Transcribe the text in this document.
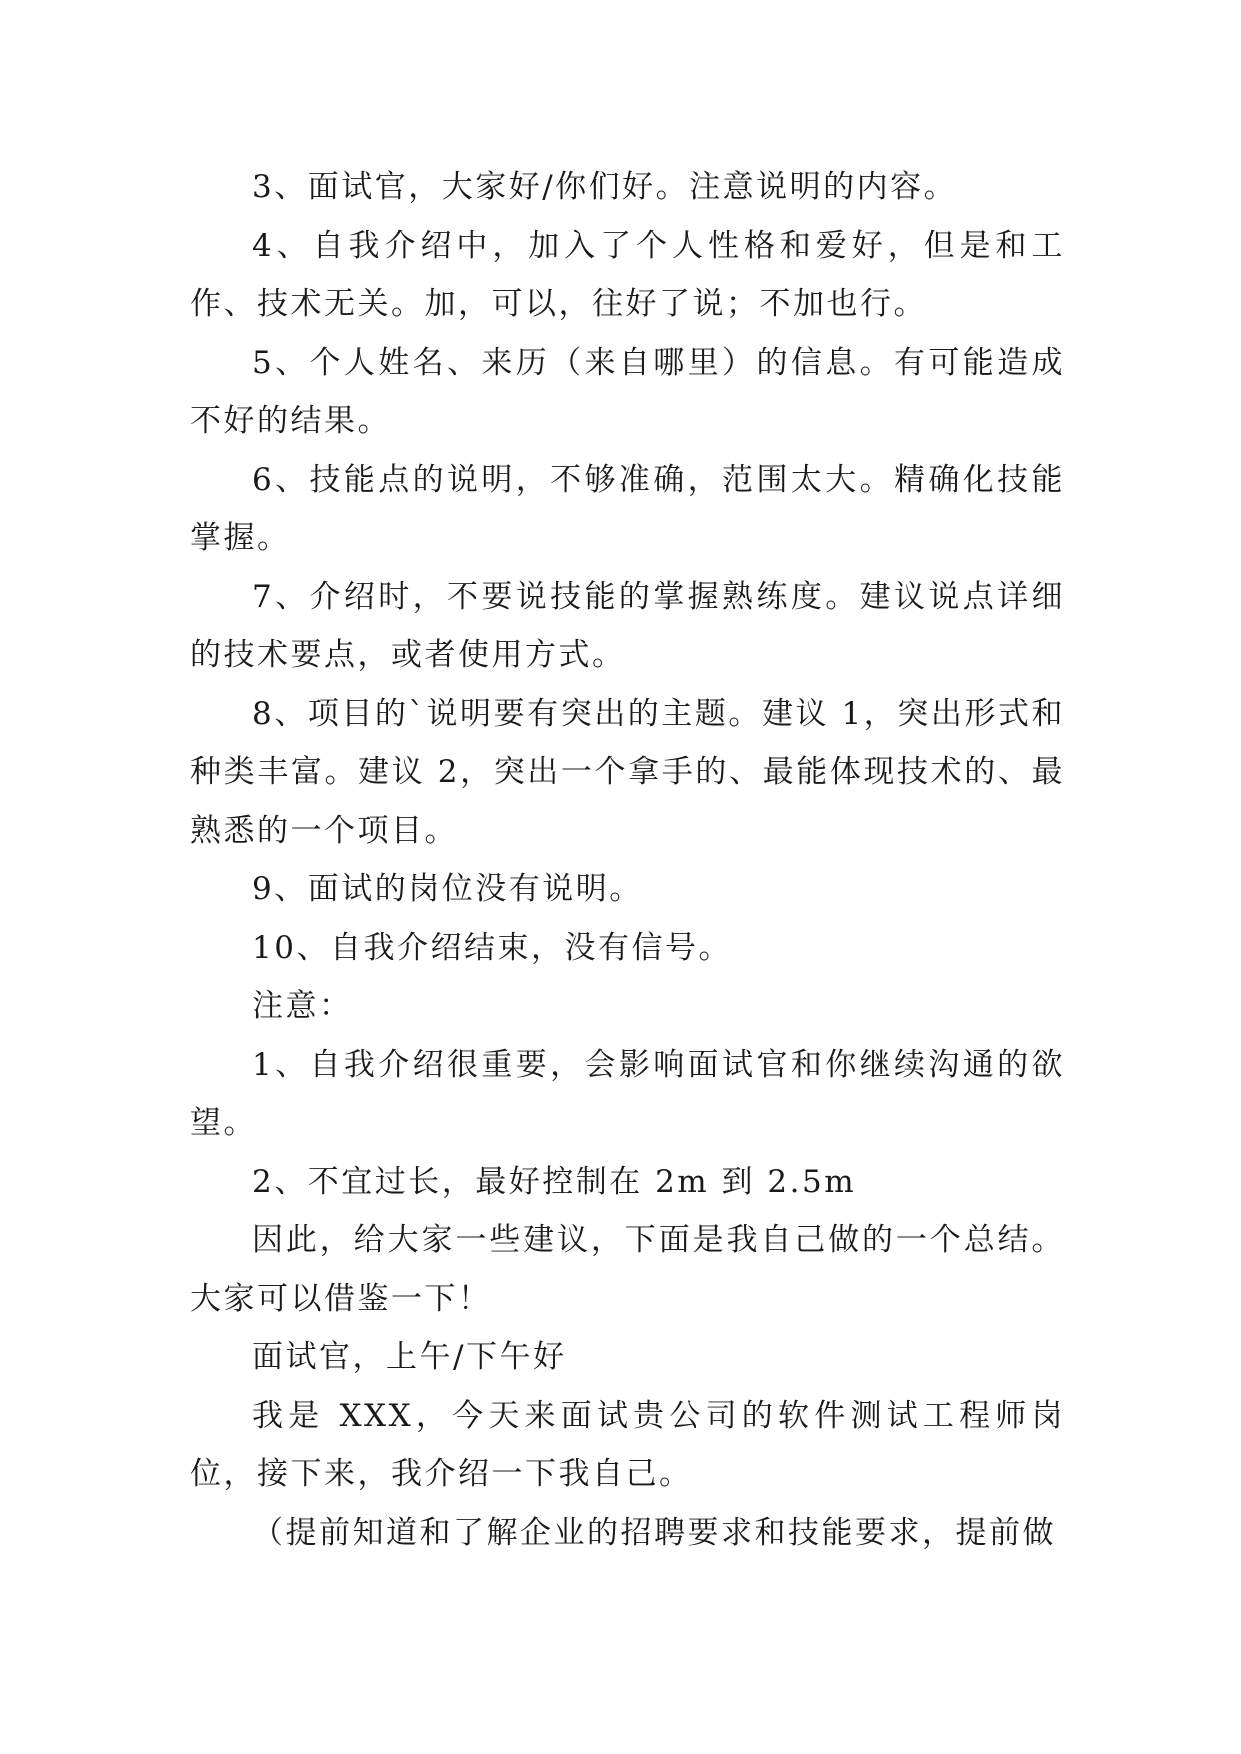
3、面试官，大家好/你们好。注意说明的内容。

4、自我介绍中，加入了个人性格和爱好，但是和工作、技术无关。加，可以，往好了说；不加也行。

5、个人姓名、来历（来自哪里）的信息。有可能造成不好的结果。

6、技能点的说明，不够准确，范围太大。精确化技能掌握。

7、介绍时，不要说技能的掌握熟练度。建议说点详细的技术要点，或者使用方式。

8、项目的`说明要有突出的主题。建议 1，突出形式和种类丰富。建议 2，突出一个拿手的、最能体现技术的、最熟悉的一个项目。

9、面试的岗位没有说明。

10、自我介绍结束，没有信号。

注意：

1、自我介绍很重要，会影响面试官和你继续沟通的欲望。

2、不宜过长，最好控制在 2m 到 2.5m

因此，给大家一些建议，下面是我自己做的一个总结。大家可以借鉴一下！

面试官，上午/下午好

我是 XXX，今天来面试贵公司的软件测试工程师岗位，接下来，我介绍一下我自己。

（提前知道和了解企业的招聘要求和技能要求，提前做
